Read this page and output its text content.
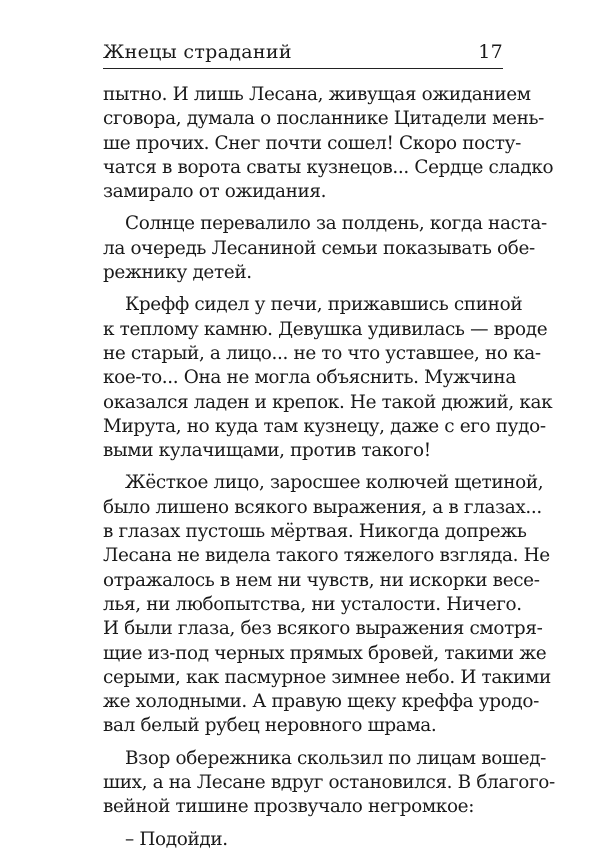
Жнецы страданий	17

пытно. И лишь Лесана, живущая ожиданием
сговора, думала о посланнике Цитадели мень-
ше прочих. Снег почти сошел! Скоро посту-
чатся в ворота сваты кузнецов... Сердце сладко
замирало от ожидания.

Солнце перевалило за полдень, когда наста-
ла очередь Лесаниной семьи показывать обе-
режнику детей.

Крефф сидел у печи, прижавшись спиной
к теплому камню. Девушка удивилась — вроде
не старый, а лицо... не то что уставшее, но ка-
кое-то... Она не могла объяснить. Мужчина
оказался ладен и крепок. Не такой дюжий, как
Мирута, но куда там кузнецу, даже с его пудо-
выми кулачищами, против такого!

Жёсткое лицо, заросшее колючей щетиной,
было лишено всякого выражения, а в глазах...
в глазах пустошь мёртвая. Никогда допрежь
Лесана не видела такого тяжелого взгляда. Не
отражалось в нем ни чувств, ни искорки весе-
лья, ни любопытства, ни усталости. Ничего.
И были глаза, без всякого выражения смотря-
щие из-под черных прямых бровей, такими же
серыми, как пасмурное зимнее небо. И такими
же холодными. А правую щеку креффа уродо-
вал белый рубец неровного шрама.

Взор обережника скользил по лицам вошед-
ших, а на Лесане вдруг остановился. В благого-
вейной тишине прозвучало негромкое:

– Подойди.
